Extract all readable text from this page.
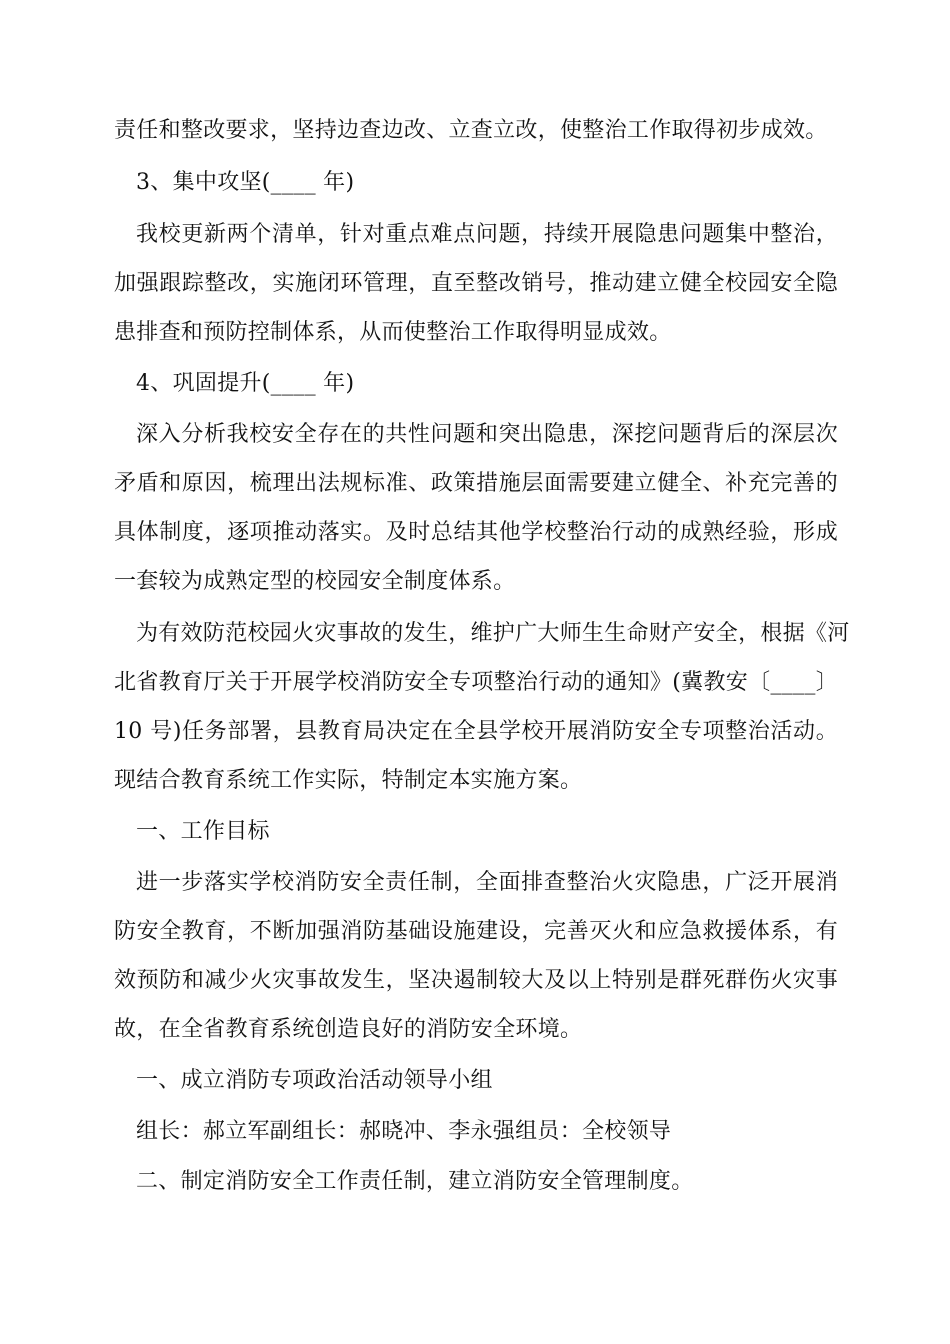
责任和整改要求，坚持边查边改、立查立改，使整治工作取得初步成效。
3、集中攻坚(____ 年)
我校更新两个清单，针对重点难点问题，持续开展隐患问题集中整治，
加强跟踪整改，实施闭环管理，直至整改销号，推动建立健全校园安全隐
患排查和预防控制体系，从而使整治工作取得明显成效。
4、巩固提升(____ 年)
深入分析我校安全存在的共性问题和突出隐患，深挖问题背后的深层次
矛盾和原因，梳理出法规标准、政策措施层面需要建立健全、补充完善的
具体制度，逐项推动落实。及时总结其他学校整治行动的成熟经验，形成
一套较为成熟定型的校园安全制度体系。
为有效防范校园火灾事故的发生，维护广大师生生命财产安全，根据《河
北省教育厅关于开展学校消防安全专项整治行动的通知》(冀教安〔____〕
10 号)任务部署，县教育局决定在全县学校开展消防安全专项整治活动。
现结合教育系统工作实际，特制定本实施方案。
一、工作目标
进一步落实学校消防安全责任制，全面排查整治火灾隐患，广泛开展消
防安全教育，不断加强消防基础设施建设，完善灭火和应急救援体系，有
效预防和减少火灾事故发生，坚决遏制较大及以上特别是群死群伤火灾事
故，在全省教育系统创造良好的消防安全环境。
一、成立消防专项政治活动领导小组
组长：郝立军副组长：郝晓冲、李永强组员：全校领导
二、制定消防安全工作责任制，建立消防安全管理制度。
